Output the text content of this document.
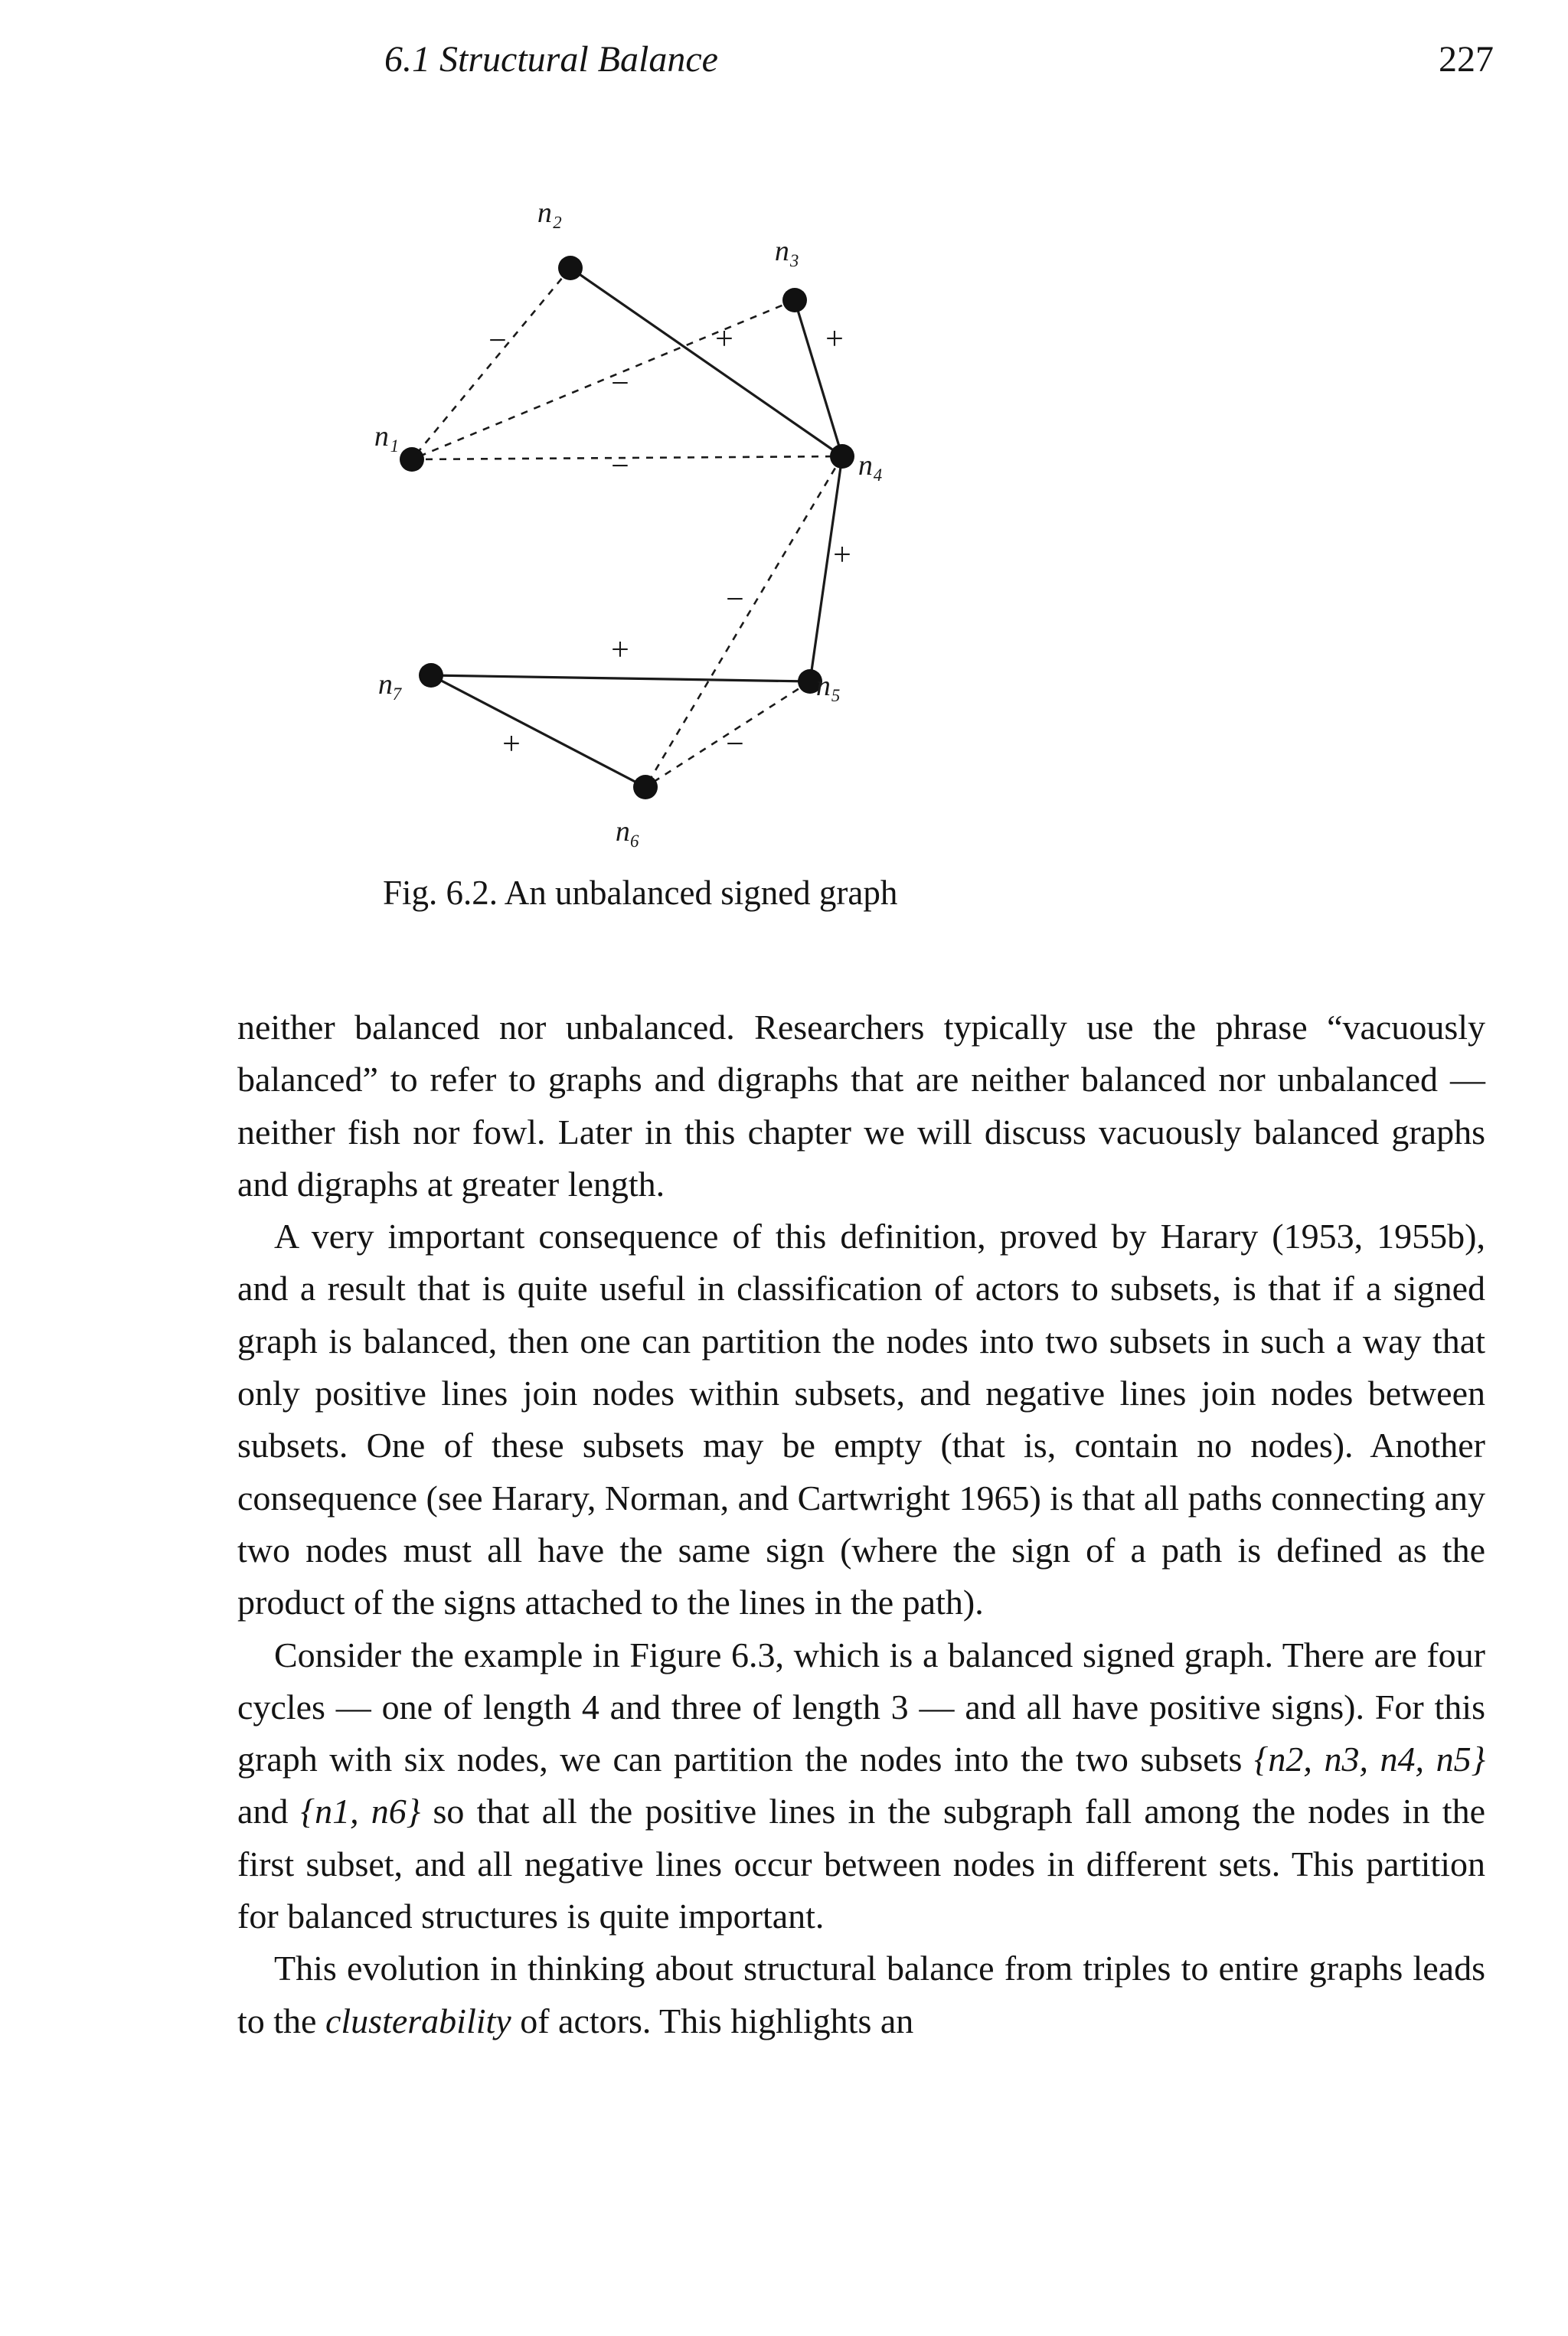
6.1 Structural Balance	227
−	+
−
+
−
+
−
+
+	−
n₁
n₂
n₃
n₄
n₅
n₆
n₇
Fig. 6.2. An unbalanced signed graph

neither balanced nor unbalanced. Researchers typically use the phrase “vacuously balanced” to refer to graphs and digraphs that are neither balanced nor unbalanced — neither fish nor fowl. Later in this chapter we will discuss vacuously balanced graphs and digraphs at greater length.

A very important consequence of this definition, proved by Harary (1953, 1955b), and a result that is quite useful in classification of actors to subsets, is that if a signed graph is balanced, then one can partition the nodes into two subsets in such a way that only positive lines join nodes within subsets, and negative lines join nodes between subsets. One of these subsets may be empty (that is, contain no nodes). Another consequence (see Harary, Norman, and Cartwright 1965) is that all paths connecting any two nodes must all have the same sign (where the sign of a path is defined as the product of the signs attached to the lines in the path).

Consider the example in Figure 6.3, which is a balanced signed graph. There are four cycles — one of length 4 and three of length 3 — and all have positive signs). For this graph with six nodes, we can partition the nodes into the two subsets {n2, n3, n4, n5} and {n1, n6} so that all the positive lines in the subgraph fall among the nodes in the first subset, and all negative lines occur between nodes in different sets. This partition for balanced structures is quite important.

This evolution in thinking about structural balance from triples to entire graphs leads to the clusterability of actors. This highlights an
